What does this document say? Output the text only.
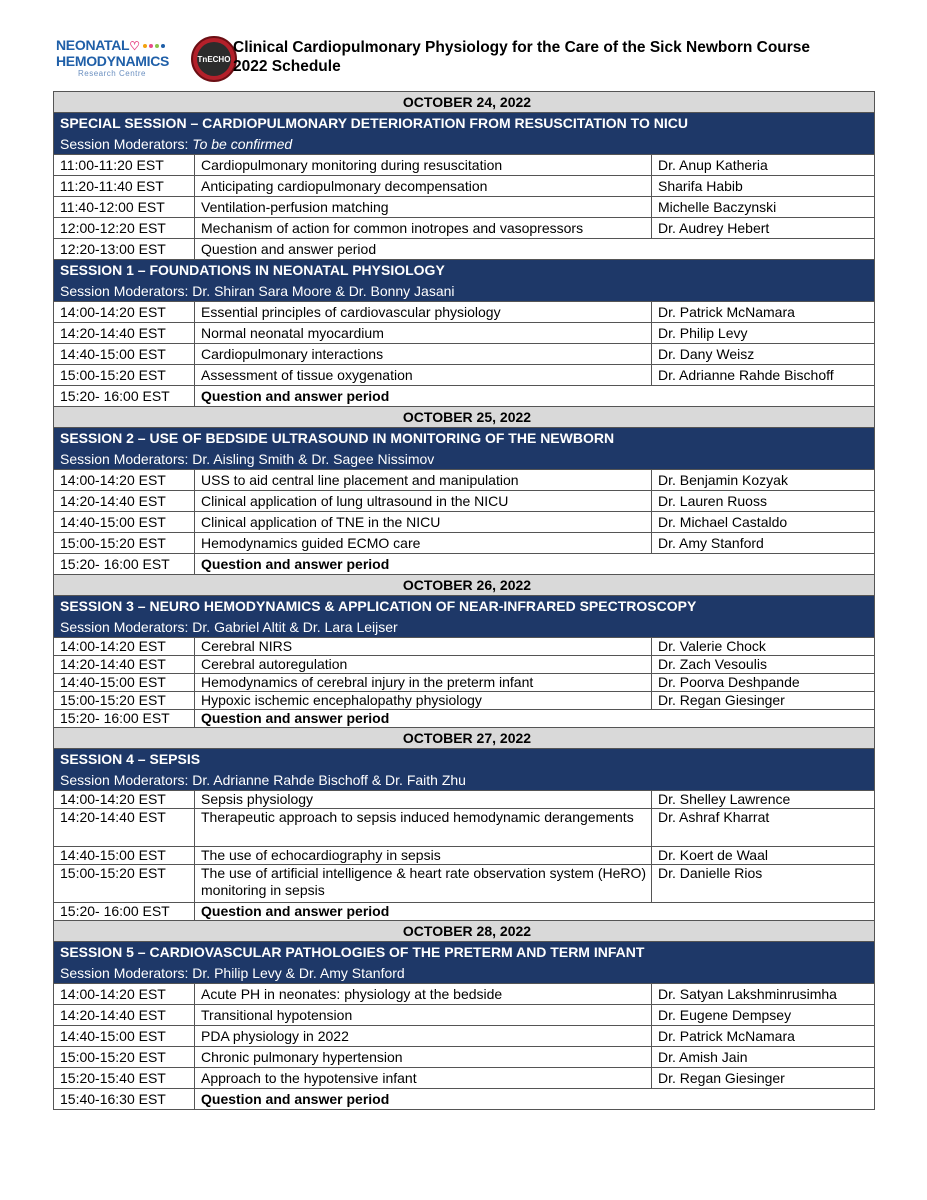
NEONATAL♡
HEMODYNAMICS
Research Centre
TnECHO
Clinical Cardiopulmonary Physiology for the Care of the Sick Newborn Course
2022 Schedule
OCTOBER 24, 2022		
SPECIAL SESSION – CARDIOPULMONARY DETERIORATION FROM RESUSCITATION TO NICU		
Session Moderators: To be confirmed		
11:00-11:20 EST	Cardiopulmonary monitoring during resuscitation	Dr. Anup Katheria
11:20-11:40 EST	Anticipating cardiopulmonary decompensation	Sharifa Habib
11:40-12:00 EST	Ventilation-perfusion matching	Michelle Baczynski
12:00-12:20 EST	Mechanism of action for common inotropes and vasopressors	Dr. Audrey Hebert
12:20-13:00 EST	Question and answer period	
SESSION 1 – FOUNDATIONS IN NEONATAL PHYSIOLOGY		
Session Moderators: Dr. Shiran Sara Moore & Dr. Bonny Jasani		
14:00-14:20 EST	Essential principles of cardiovascular physiology	Dr. Patrick McNamara
14:20-14:40 EST	Normal neonatal myocardium	Dr. Philip Levy
14:40-15:00 EST	Cardiopulmonary interactions	Dr. Dany Weisz
15:00-15:20 EST	Assessment of tissue oxygenation	Dr. Adrianne Rahde Bischoff
15:20- 16:00 EST	Question and answer period	
OCTOBER 25, 2022		
SESSION 2 – USE OF BEDSIDE ULTRASOUND IN MONITORING OF THE NEWBORN		
Session Moderators: Dr. Aisling Smith & Dr. Sagee Nissimov		
14:00-14:20 EST	USS to aid central line placement and manipulation	Dr. Benjamin Kozyak
14:20-14:40 EST	Clinical application of lung ultrasound in the NICU	Dr. Lauren Ruoss
14:40-15:00 EST	Clinical application of TNE in the NICU	Dr. Michael Castaldo
15:00-15:20 EST	Hemodynamics guided ECMO care	Dr. Amy Stanford
15:20- 16:00 EST	Question and answer period	
OCTOBER 26, 2022		
SESSION 3 – NEURO HEMODYNAMICS & APPLICATION OF NEAR-INFRARED SPECTROSCOPY		
Session Moderators: Dr. Gabriel Altit & Dr. Lara Leijser		
14:00-14:20 EST	Cerebral NIRS	Dr. Valerie Chock
14:20-14:40 EST	Cerebral autoregulation	Dr. Zach Vesoulis
14:40-15:00 EST	Hemodynamics of cerebral injury in the preterm infant	Dr. Poorva Deshpande
15:00-15:20 EST	Hypoxic ischemic encephalopathy physiology	Dr. Regan Giesinger
15:20- 16:00 EST	Question and answer period	
OCTOBER 27, 2022		
SESSION 4 – SEPSIS		
Session Moderators: Dr. Adrianne Rahde Bischoff & Dr. Faith Zhu		
14:00-14:20 EST	Sepsis physiology	Dr. Shelley Lawrence
14:20-14:40 EST	Therapeutic approach to sepsis induced hemodynamic derangements	Dr. Ashraf Kharrat
14:40-15:00 EST	The use of echocardiography in sepsis	Dr. Koert de Waal
15:00-15:20 EST	The use of artificial intelligence & heart rate observation system (HeRO) monitoring in sepsis	Dr. Danielle Rios
15:20- 16:00 EST	Question and answer period	
OCTOBER 28, 2022		
SESSION 5 – CARDIOVASCULAR PATHOLOGIES OF THE PRETERM AND TERM INFANT		
Session Moderators: Dr. Philip Levy & Dr. Amy Stanford		
14:00-14:20 EST	Acute PH in neonates: physiology at the bedside	Dr. Satyan Lakshminrusimha
14:20-14:40 EST	Transitional hypotension	Dr. Eugene Dempsey
14:40-15:00 EST	PDA physiology in 2022	Dr. Patrick McNamara
15:00-15:20 EST	Chronic pulmonary hypertension	Dr. Amish Jain
15:20-15:40 EST	Approach to the hypotensive infant	Dr. Regan Giesinger
15:40-16:30 EST	Question and answer period	
